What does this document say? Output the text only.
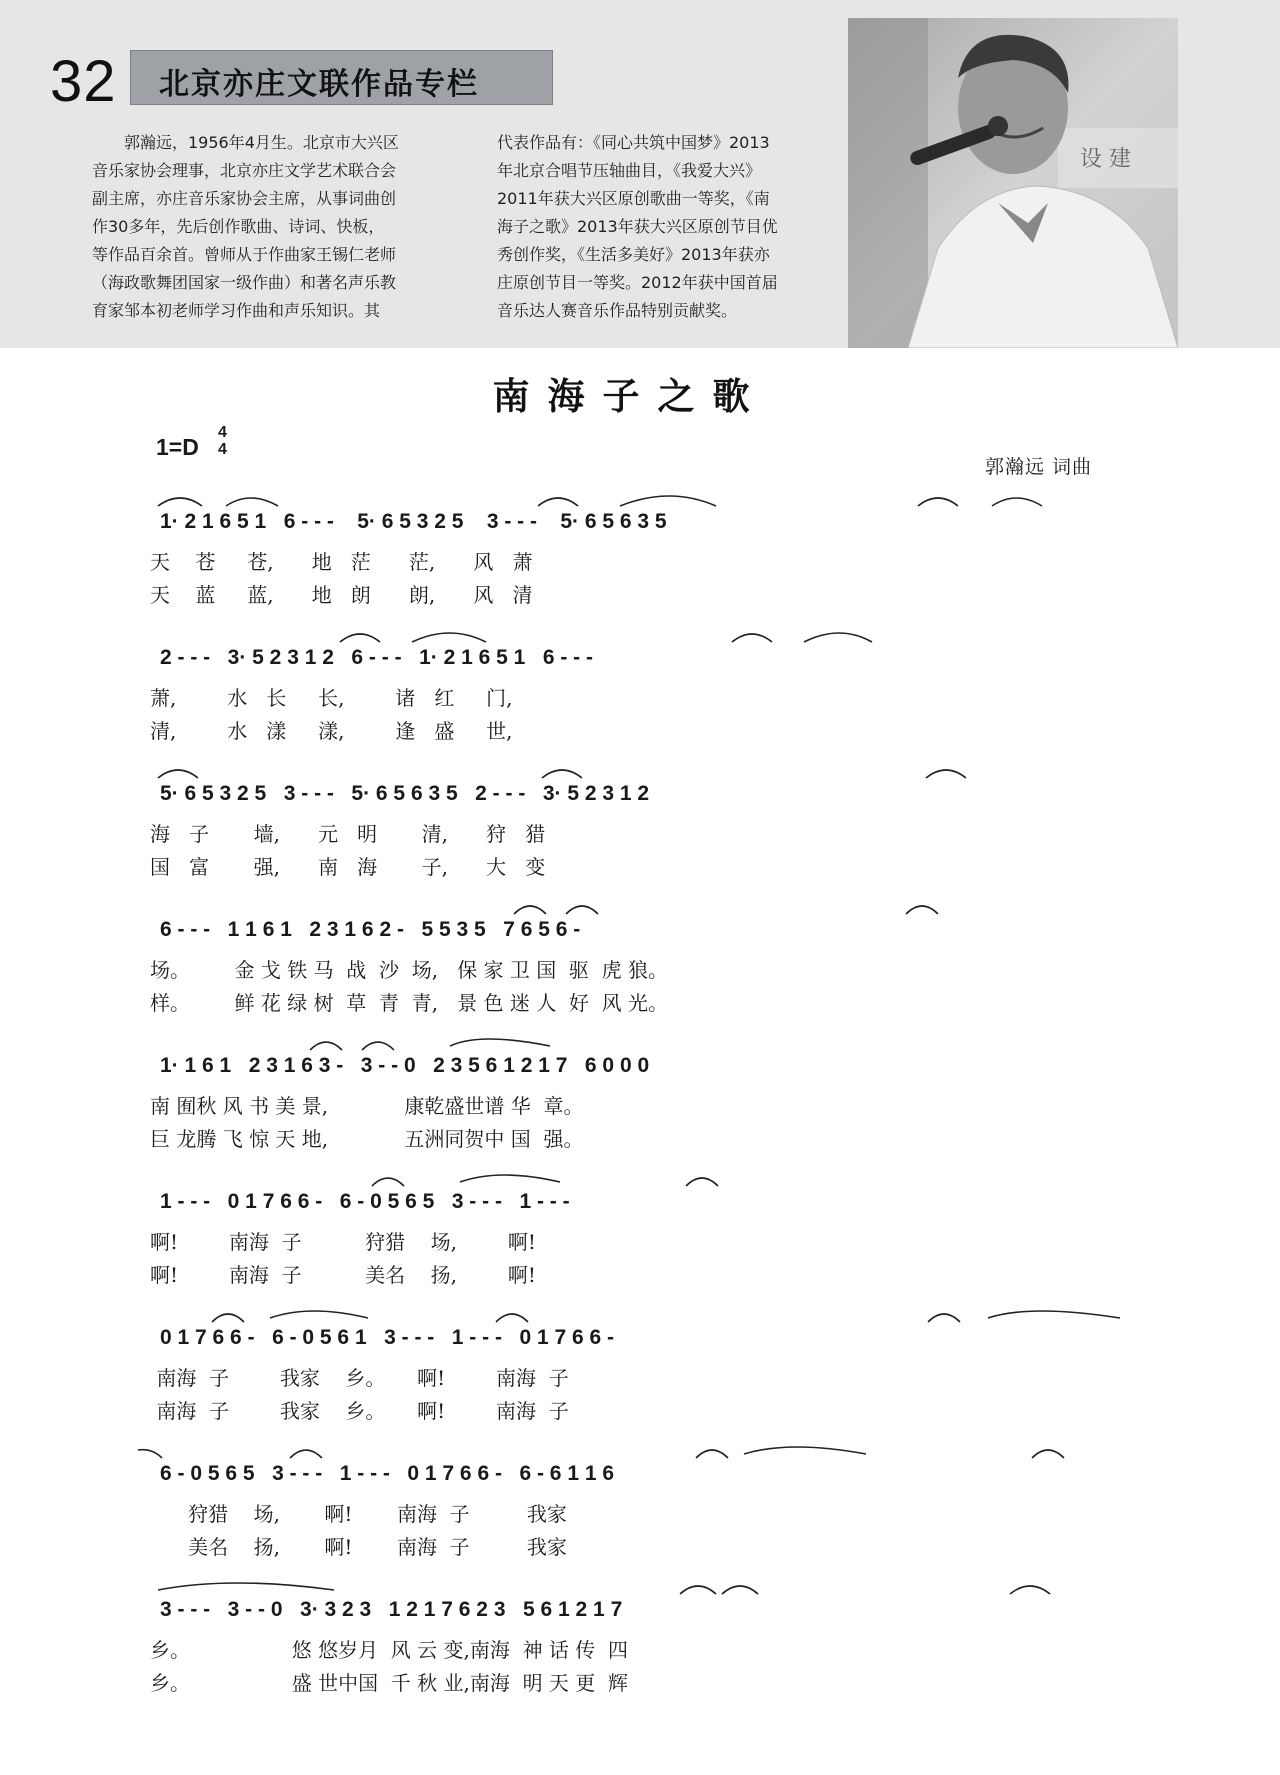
32 北京亦庄文联作品专栏
　　郭瀚远，1956年4月生。北京市大兴区
音乐家协会理事，北京亦庄文学艺术联合会
副主席，亦庄音乐家协会主席，从事词曲创
作30多年，先后创作歌曲、诗词、快板，
等作品百余首。曾师从于作曲家王锡仁老师
（海政歌舞团国家一级作曲）和著名声乐教
育家邹本初老师学习作曲和声乐知识。其
代表作品有：《同心共筑中国梦》2013
年北京合唱节压轴曲目，《我爱大兴》
2011年获大兴区原创歌曲一等奖，《南
海子之歌》2013年获大兴区原创节目优
秀创作奖，《生活多美好》2013年获亦
庄原创节目一等奖。2012年获中国首届
音乐达人赛音乐作品特别贡献奖。
设 建
南海子之歌
1=D
4
4
郭瀚远 词曲
1· 2 1 6 5 1   6 - - -    5· 6 5 3 2 5    3 - - -    5· 6 5 6 3 5
天    苍     苍,      地   茫      茫,      风   萧
天    蓝     蓝,      地   朗      朗,      风   清
2 - - -   3· 5 2 3 1 2   6 - - -   1· 2 1 6 5 1   6 - - -
萧,        水   长     长,        诸   红     门,
清,        水   漾     漾,        逢   盛     世,
5· 6 5 3 2 5   3 - - -   5· 6 5 6 3 5   2 - - -   3· 5 2 3 1 2
海   子       墙,      元   明       清,      狩   猎
国   富       强,      南   海       子,      大   变
6 - - -   1 1 6 1   2 3 1 6 2 -   5 5 3 5   7 6 5 6 -
场。       金 戈 铁 马  战  沙  场,   保 家 卫 国  驱  虎 狼。
样。       鲜 花 绿 树  草  青  青,   景 色 迷 人  好  风 光。
1· 1 6 1   2 3 1 6 3 -   3 - - 0   2 3 5 6 1 2 1 7   6 0 0 0
南 囿秋 风 书 美 景,            康乾盛世谱 华  章。
巨 龙腾 飞 惊 天 地,            五洲同贺中 国  强。
1 - - -   0 1 7 6 6 -   6 - 0 5 6 5   3 - - -   1 - - -
啊!        南海  子          狩猎    场,        啊!
啊!        南海  子          美名    扬,        啊!
0 1 7 6 6 -   6 - 0 5 6 1   3 - - -   1 - - -   0 1 7 6 6 -
南海  子        我家    乡。     啊!        南海  子
南海  子        我家    乡。     啊!        南海  子
6 - 0 5 6 5   3 - - -   1 - - -   0 1 7 6 6 -   6 - 6 1 1 6
狩猎    场,       啊!       南海  子         我家
美名    扬,       啊!       南海  子         我家
3 - - -   3 - - 0   3· 3 2 3   1 2 1 7 6 2 3   5 6 1 2 1 7
乡。                悠 悠岁月  风 云 变,南海  神 话 传  四
乡。                盛 世中国  千 秋 业,南海  明 天 更  辉
